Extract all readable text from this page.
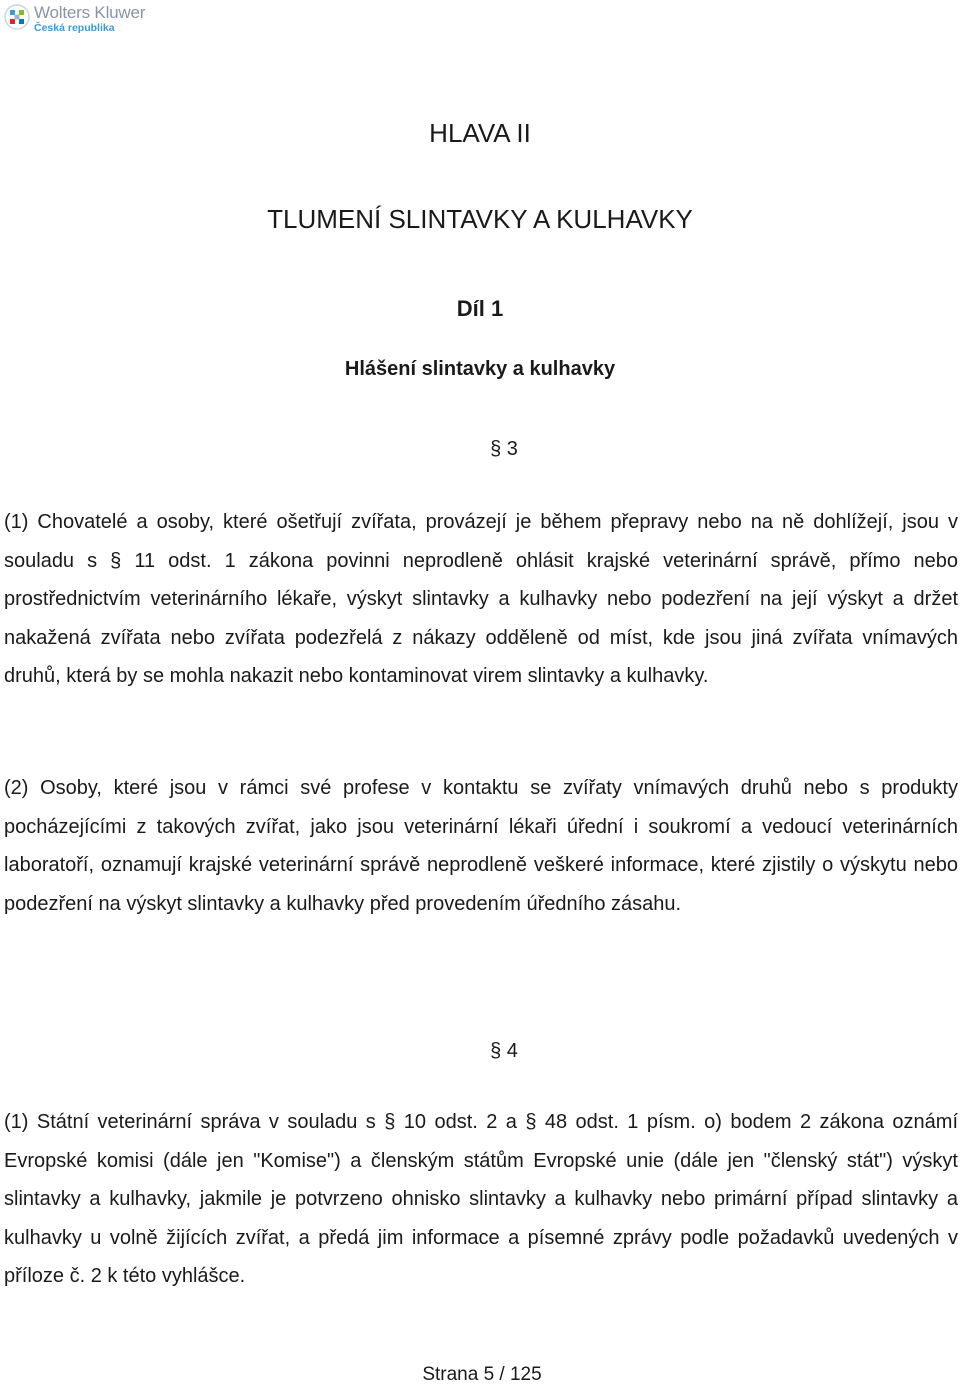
Wolters Kluwer
Česká republika
HLAVA II
TLUMENÍ SLINTAVKY A KULHAVKY
Díl 1
Hlášení slintavky a kulhavky
§ 3

(1) Chovatelé a osoby, které ošetřují zvířata, provázejí je během přepravy nebo na ně dohlížejí, jsou v souladu s § 11 odst. 1 zákona povinni neprodleně ohlásit krajské veterinární správě, přímo nebo prostřednictvím veterinárního lékaře, výskyt slintavky a kulhavky nebo podezření na její výskyt a držet nakažená zvířata nebo zvířata podezřelá z nákazy odděleně od míst, kde jsou jiná zvířata vnímavých druhů, která by se mohla nakazit nebo kontaminovat virem slintavky a kulhavky.

(2) Osoby, které jsou v rámci své profese v kontaktu se zvířaty vnímavých druhů nebo s produkty pocházejícími z takových zvířat, jako jsou veterinární lékaři úřední i soukromí a vedoucí veterinárních laboratoří, oznamují krajské veterinární správě neprodleně veškeré informace, které zjistily o výskytu nebo podezření na výskyt slintavky a kulhavky před provedením úředního zásahu.

§ 4

(1) Státní veterinární správa v souladu s § 10 odst. 2 a § 48 odst. 1 písm. o) bodem 2 zákona oznámí Evropské komisi (dále jen "Komise") a členským státům Evropské unie (dále jen "členský stát") výskyt slintavky a kulhavky, jakmile je potvrzeno ohnisko slintavky a kulhavky nebo primární případ slintavky a kulhavky u volně žijících zvířat, a předá jim informace a písemné zprávy podle požadavků uvedených v příloze č. 2 k této vyhlášce.

Strana 5 / 125
